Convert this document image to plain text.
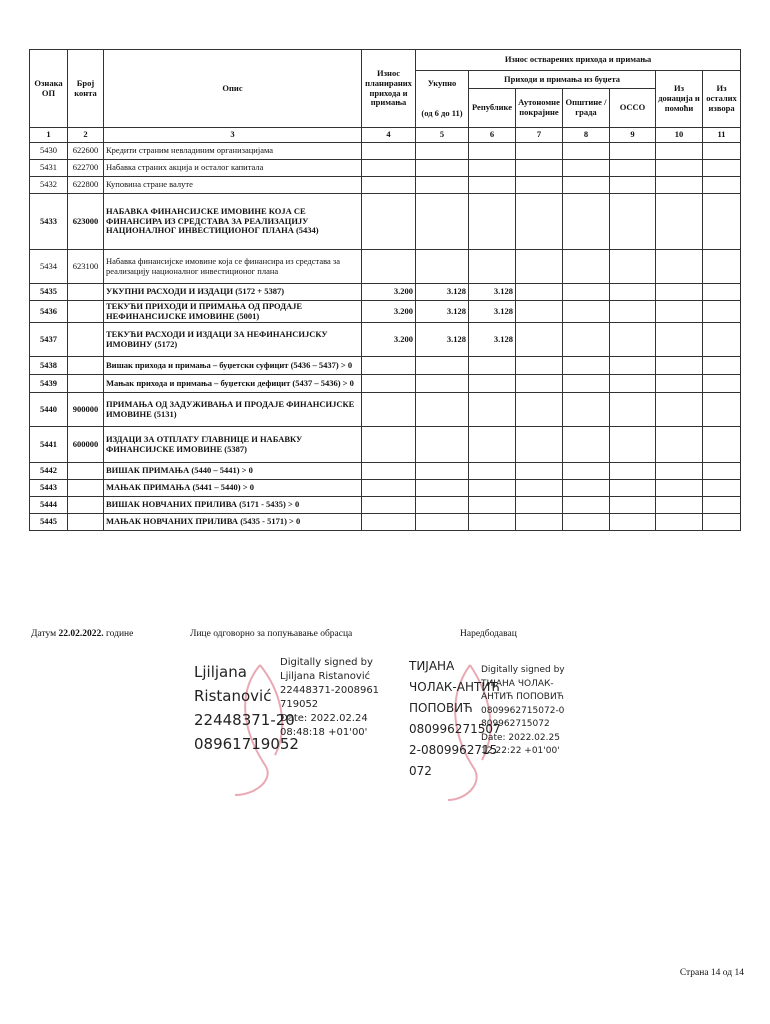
Ознака ОП	Број конта	Опис	Износ планираних прихода и примања	Износ остварених прихода и примања						

				Укупно
(од 6 до 11)	Приходи и примања из буџета				Из донација и помоћи	Из осталих извора
					Републике	Аутономне покрајине	Општине / града	ОССО		
1	2	3	4	5	6	7	8	9	10	11
5430	622600	Кредити страним невладиним организацијама								
5431	622700	Набавка страних акција и осталог капитала								
5432	622800	Куповина стране валуте								
5433	623000	НАБАВКА ФИНАНСИЈСКЕ ИМОВИНЕ КОЈА СЕ ФИНАНСИРА ИЗ СРЕДСТАВА ЗА РЕАЛИЗАЦИЈУ НАЦИОНАЛНОГ ИНВЕСТИЦИОНОГ ПЛАНА (5434)								
5434	623100	Набавка финансијске имовине која се финансира из средстава за реализацију националног инвестиционог плана								
5435		УКУПНИ РАСХОДИ И ИЗДАЦИ (5172 + 5387)	3.200	3.128	3.128					
5436		ТЕКУЋИ ПРИХОДИ И ПРИМАЊА ОД ПРОДАЈЕ НЕФИНАНСИЈСКЕ ИМОВИНЕ (5001)	3.200	3.128	3.128					
5437		ТЕКУЋИ РАСХОДИ И ИЗДАЦИ ЗА НЕФИНАНСИЈСКУ ИМОВИНУ (5172)	3.200	3.128	3.128					
5438		Вишак прихода и примања – буџетски суфицит (5436 – 5437) > 0								
5439		Мањак прихода и примања – буџетски дефицит (5437 – 5436) > 0								
5440	900000	ПРИМАЊА ОД ЗАДУЖИВАЊА И ПРОДАЈЕ ФИНАНСИЈСКЕ ИМОВИНЕ (5131)								
5441	600000	ИЗДАЦИ ЗА ОТПЛАТУ ГЛАВНИЦЕ И НАБАВКУ ФИНАНСИЈСКЕ ИМОВИНЕ (5387)								
5442		ВИШАК ПРИМАЊА (5440 – 5441) > 0								
5443		МАЊАК ПРИМАЊА (5441 – 5440) > 0								
5444		ВИШАК НОВЧАНИХ ПРИЛИВА (5171 - 5435) > 0								
5445		МАЊАК НОВЧАНИХ ПРИЛИВА (5435 - 5171) > 0								
Датум 22.02.2022. године	Лице одговорно за попуњавање обрасца	Наредбодавац
Ljiljana
Ristanović
22448371-20
08961719052
Digitally signed by
Ljiljana Ristanović
22448371-2008961
719052
Date: 2022.02.24
08:48:18 +01'00'
ТИЈАНА
ЧОЛАК-АНТИЋ
ПОПОВИЋ
080996271507
2-0809962715
072
Digitally signed by
ТИЈАНА ЧОЛАК-
АНТИЋ ПОПОВИЋ
0809962715072-0
809962715072
Date: 2022.02.25
12:22:22 +01'00'
Страна 14 од 14
